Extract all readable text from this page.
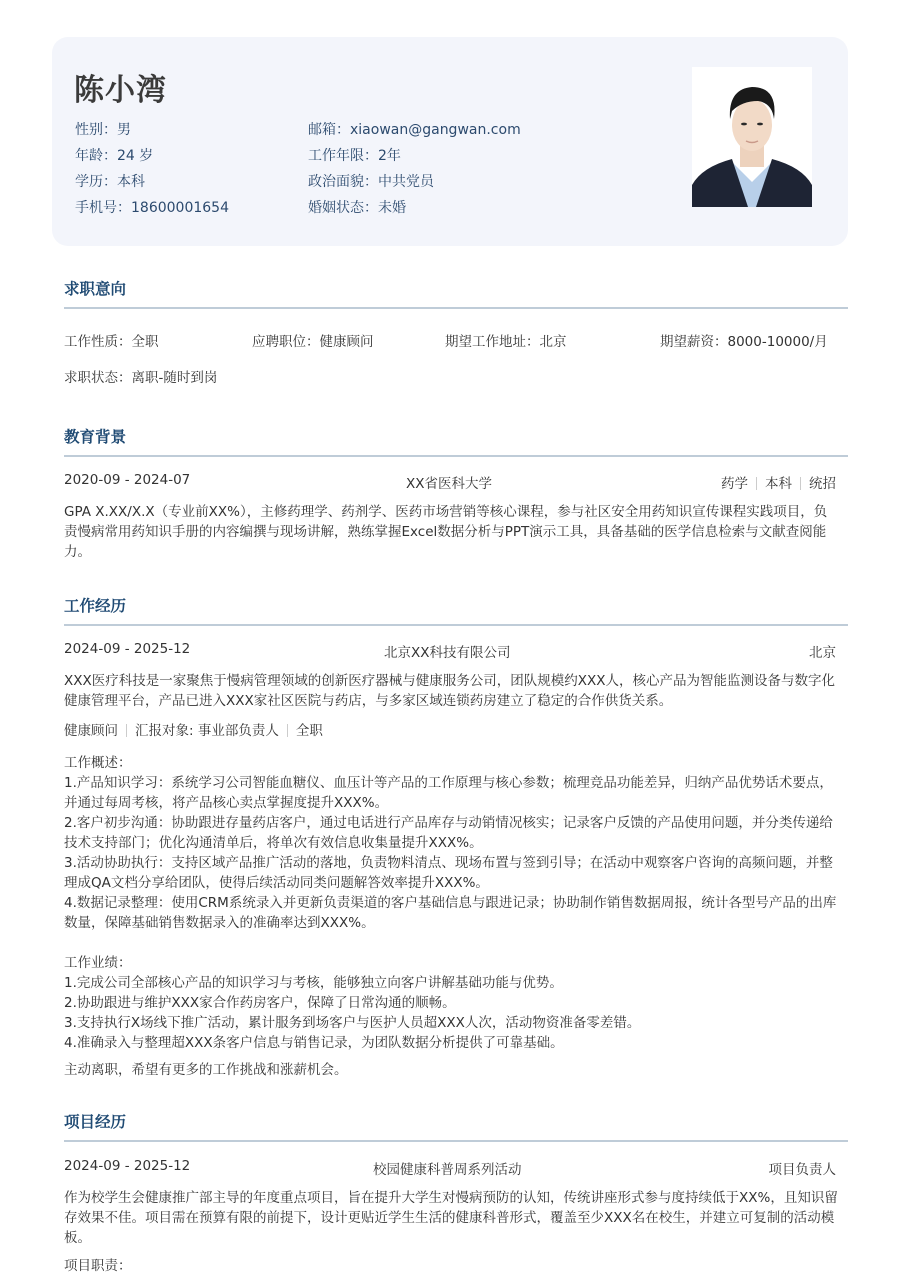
陈小湾
性别：男
年龄：24 岁
学历：本科
手机号：18600001654
邮箱：xiaowan@gangwan.com
工作年限：2年
政治面貌：中共党员
婚姻状态：未婚
求职意向
工作性质：全职	应聘职位：健康顾问	期望工作地址：北京	期望薪资：8000-10000/月
求职状态：离职-随时到岗
教育背景
2020-09 - 2024-07	XX省医科大学	药学 本科 统招
GPA X.XX/X.X（专业前XX%），主修药理学、药剂学、医药市场营销等核心课程，参与社区安全用药知识宣传课程实践项目，负责慢病常用药知识手册的内容编撰与现场讲解，熟练掌握Excel数据分析与PPT演示工具，具备基础的医学信息检索与文献查阅能力。
工作经历
2024-09 - 2025-12	北京XX科技有限公司	北京
XXX医疗科技是一家聚焦于慢病管理领域的创新医疗器械与健康服务公司，团队规模约XXX人，核心产品为智能监测设备与数字化健康管理平台，产品已进入XXX家社区医院与药店，与多家区域连锁药房建立了稳定的合作供货关系。
健康顾问 汇报对象: 事业部负责人 全职
工作概述：
1.产品知识学习：系统学习公司智能血糖仪、血压计等产品的工作原理与核心参数；梳理竞品功能差异，归纳产品优势话术要点，并通过每周考核，将产品核心卖点掌握度提升XXX%。
2.客户初步沟通：协助跟进存量药店客户，通过电话进行产品库存与动销情况核实；记录客户反馈的产品使用问题，并分类传递给技术支持部门；优化沟通清单后，将单次有效信息收集量提升XXX%。
3.活动协助执行：支持区域产品推广活动的落地，负责物料清点、现场布置与签到引导；在活动中观察客户咨询的高频问题，并整理成QA文档分享给团队，使得后续活动同类问题解答效率提升XXX%。
4.数据记录整理：使用CRM系统录入并更新负责渠道的客户基础信息与跟进记录；协助制作销售数据周报，统计各型号产品的出库数量，保障基础销售数据录入的准确率达到XXX%。
工作业绩：
1.完成公司全部核心产品的知识学习与考核，能够独立向客户讲解基础功能与优势。
2.协助跟进与维护XXX家合作药房客户，保障了日常沟通的顺畅。
3.支持执行X场线下推广活动，累计服务到场客户与医护人员超XXX人次，活动物资准备零差错。
4.准确录入与整理超XXX条客户信息与销售记录，为团队数据分析提供了可靠基础。
主动离职，希望有更多的工作挑战和涨薪机会。
项目经历
2024-09 - 2025-12	校园健康科普周系列活动	项目负责人
作为校学生会健康推广部主导的年度重点项目，旨在提升大学生对慢病预防的认知，传统讲座形式参与度持续低于XX%，且知识留存效果不佳。项目需在预算有限的前提下，设计更贴近学生生活的健康科普形式，覆盖至少XXX名在校生，并建立可复制的活动模板。
项目职责：
